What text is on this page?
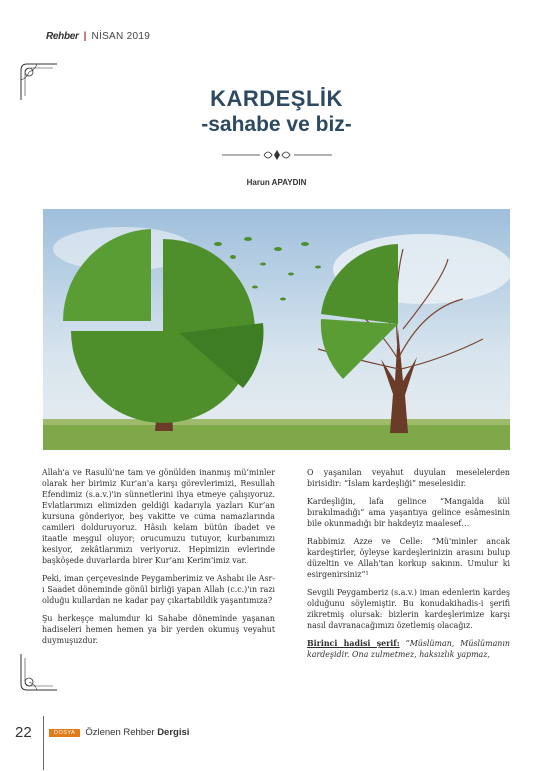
Rehber | NİSAN 2019
KARDEŞLİK
-sahabe ve biz-
Harun APAYDIN

Allah'a ve Rasulü'ne tam ve gönülden inanmış mü’minler olarak her birimiz Kur'an'a karşı görevlerimizi, Resullah Efendimiz (s.a.v.)'in sünnetlerini ihya etmeye çalışıyoruz. Evlatlarımızı elimizden geldiği kadarıyla yazları Kur’an kursuna gönderiyor, beş vakitte ve cuma namazlarında camileri dolduruyoruz. Hâsılı kelam bütün ibadet ve itaatle meşgul oluyor; orucumuzu tutuyor, kurbanımızı kesiyor, zekâtlarımızı veriyoruz. Hepimizin evlerinde başköşede duvarlarda birer Kur’anı Kerim'imiz var.

Peki, iman çerçevesinde Peygamberimiz ve Ashabı ile Asr-ı Saadet döneminde gönül birliği yapan Allah (c.c.)'ın razı olduğu kullardan ne kadar pay çıkartabildik yaşantımıza?

Şu herkeşçe malumdur ki Sahabe döneminde yaşanan hadiseleri hemen hemen ya bir yerden okumuş veyahut duymuşuzdur.

O yaşanılan veyahut duyulan meselelerden birisidir: “İslam kardeşliği” meselesidir.

Kardeşliğin, lafa gelince “Mangalda kül bırakılmadığı” ama yaşantıya gelince esâmesinin bile okunmadığı bir hakdeyiz maalesef…

Rabbimiz Azze ve Celle: “Mü'minler ancak kardeştirler, öyleyse kardeşlerinizin arasını bulup düzeltin ve Allah'tan korkup sakının. Umulur ki esirgenirsiniz”¹

Sevgili Peygamberiz (s.a.v.) iman edenlerin kardeş olduğunu söylemiştir. Bu konudakihadis-i şerifi zikretmiş olursak: bizlerin kardeşlerimize karşı nasıl davranacağımızı özetlemiş olacağız.

Birinci hadisi şerif: “Müslüman, Müslümanın kardeşidir. Ona zulmetmez, haksızlık yapmaz,

22	DOSYA	Özlenen Rehber Dergisi
